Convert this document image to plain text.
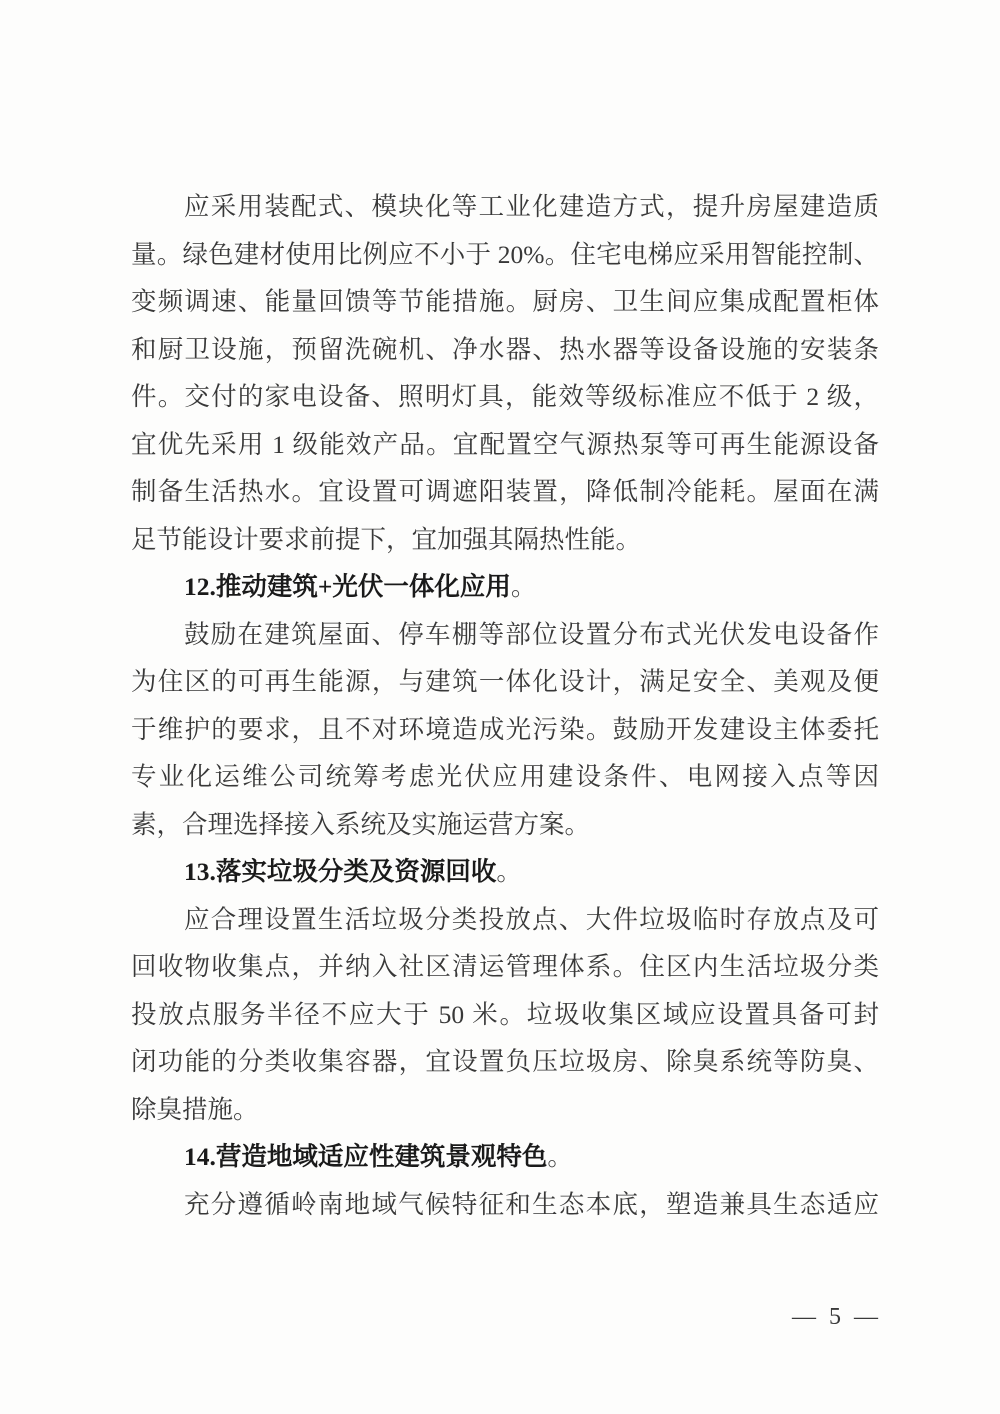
应采用装配式、模块化等工业化建造方式，提升房屋建造质
量。绿色建材使用比例应不小于 20%。住宅电梯应采用智能控制、
变频调速、能量回馈等节能措施。厨房、卫生间应集成配置柜体
和厨卫设施，预留洗碗机、净水器、热水器等设备设施的安装条
件。交付的家电设备、照明灯具，能效等级标准应不低于 2 级，
宜优先采用 1 级能效产品。宜配置空气源热泵等可再生能源设备
制备生活热水。宜设置可调遮阳装置，降低制冷能耗。屋面在满
足节能设计要求前提下，宜加强其隔热性能。
12.推动建筑+光伏一体化应用。
鼓励在建筑屋面、停车棚等部位设置分布式光伏发电设备作
为住区的可再生能源，与建筑一体化设计，满足安全、美观及便
于维护的要求，且不对环境造成光污染。鼓励开发建设主体委托
专业化运维公司统筹考虑光伏应用建设条件、电网接入点等因
素，合理选择接入系统及实施运营方案。
13.落实垃圾分类及资源回收。
应合理设置生活垃圾分类投放点、大件垃圾临时存放点及可
回收物收集点，并纳入社区清运管理体系。住区内生活垃圾分类
投放点服务半径不应大于 50 米。垃圾收集区域应设置具备可封
闭功能的分类收集容器，宜设置负压垃圾房、除臭系统等防臭、
除臭措施。
14.营造地域适应性建筑景观特色。
充分遵循岭南地域气候特征和生态本底，塑造兼具生态适应
— 5 —
